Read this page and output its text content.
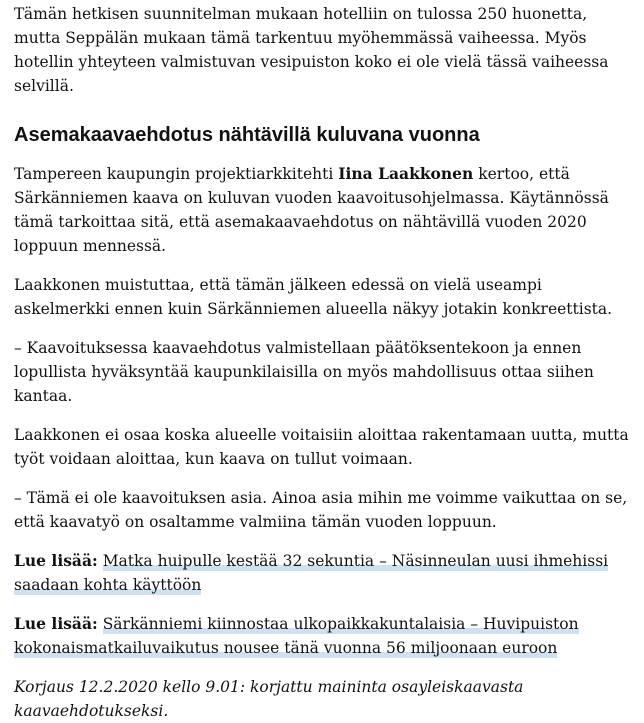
Tämän hetkisen suunnitelman mukaan hotelliin on tulossa 250 huonetta, mutta Seppälän mukaan tämä tarkentuu myöhemmässä vaiheessa. Myös hotellin yhteyteen valmistuvan vesipuiston koko ei ole vielä tässä vaiheessa selvillä.

Asemakaavaehdotus nähtävillä kuluvana vuonna

Tampereen kaupungin projektiarkkitehti Iina Laakkonen kertoo, että Särkänniemen kaava on kuluvan vuoden kaavoitusohjelmassa. Käytännössä tämä tarkoittaa sitä, että asemakaavaehdotus on nähtävillä vuoden 2020 loppuun mennessä.

Laakkonen muistuttaa, että tämän jälkeen edessä on vielä useampi askelmerkki ennen kuin Särkänniemen alueella näkyy jotakin konkreettista.

– Kaavoituksessa kaavaehdotus valmistellaan päätöksentekoon ja ennen lopullista hyväksyntää kaupunkilaisilla on myös mahdollisuus ottaa siihen kantaa.

Laakkonen ei osaa koska alueelle voitaisiin aloittaa rakentamaan uutta, mutta työt voidaan aloittaa, kun kaava on tullut voimaan.

– Tämä ei ole kaavoituksen asia. Ainoa asia mihin me voimme vaikuttaa on se, että kaavatyö on osaltamme valmiina tämän vuoden loppuun.

Lue lisää: Matka huipulle kestää 32 sekuntia – Näsinneulan uusi ihmehissi saadaan kohta käyttöön

Lue lisää: Särkänniemi kiinnostaa ulkopaikkakuntalaisia – Huvipuiston kokonaismatkailuvaikutus nousee tänä vuonna 56 miljoonaan euroon

Korjaus 12.2.2020 kello 9.01: korjattu maininta osayleiskaavasta kaavaehdotukseksi.
